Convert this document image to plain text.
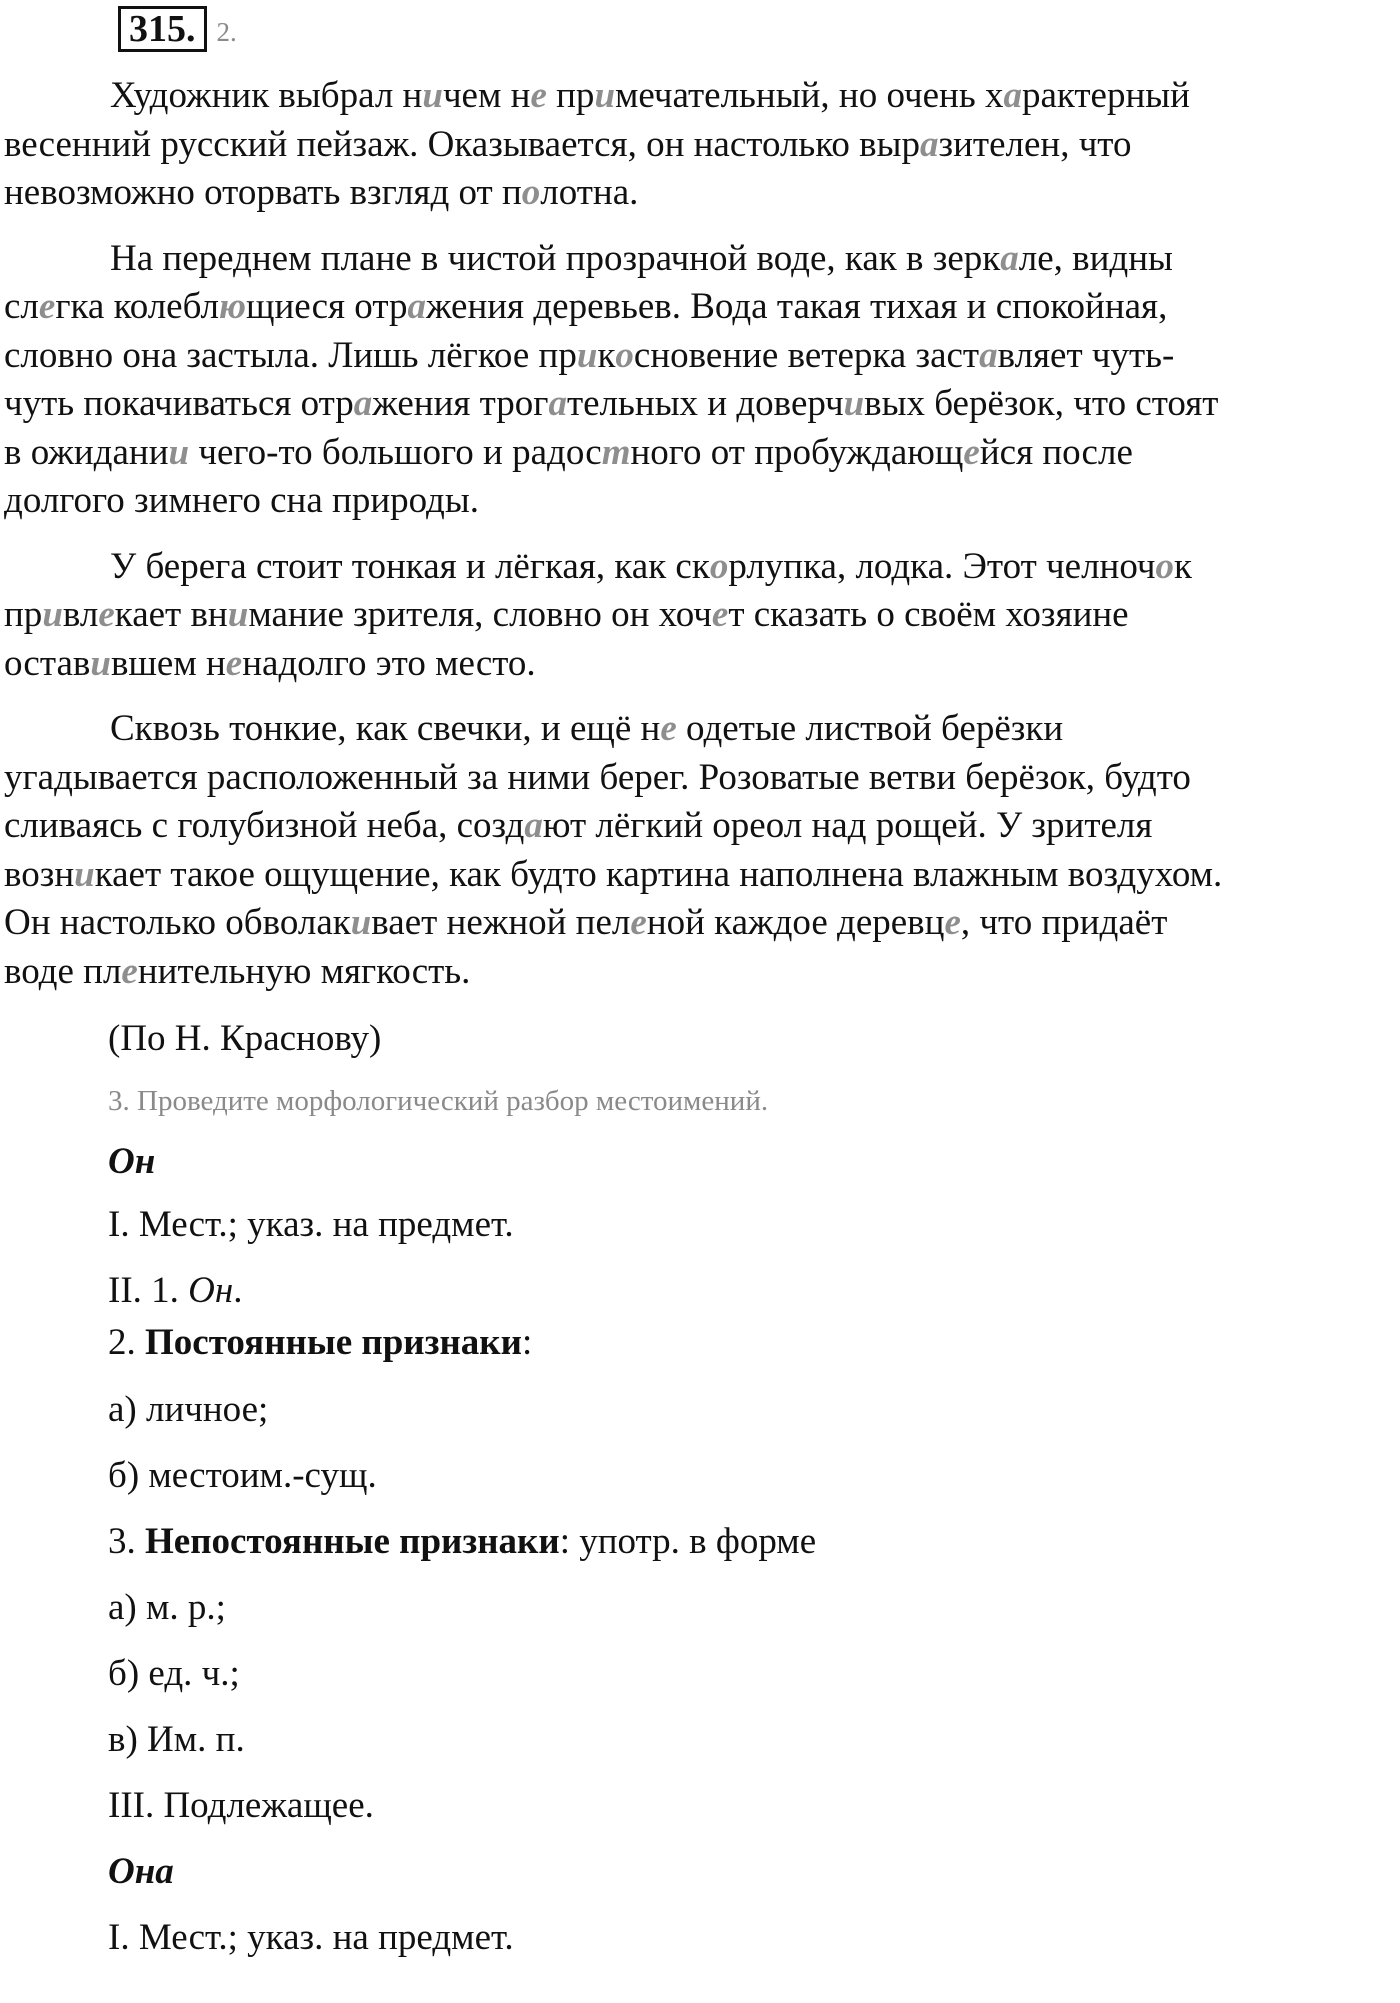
315. 2.

Художник выбрал ничем не примечательный, но очень характерный
весенний русский пейзаж. Оказывается, он настолько выразителен, что
невозможно оторвать взгляд от полотна.

На переднем плане в чистой прозрачной воде, как в зеркале, видны
слегка колеблющиеся отражения деревьев. Вода такая тихая и спокойная,
словно она застыла. Лишь лёгкое прикосновение ветерка заставляет чуть-
чуть покачиваться отражения трогательных и доверчивых берёзок, что стоят
в ожидании чего-то большого и радостного от пробуждающейся после
долгого зимнего сна природы.

У берега стоит тонкая и лёгкая, как скорлупка, лодка. Этот челночок
привлекает внимание зрителя, словно он хочет сказать о своём хозяине
оставившем ненадолго это место.

Сквозь тонкие, как свечки, и ещё не одетые листвой берёзки
угадывается расположенный за ними берег. Розоватые ветви берёзок, будто
сливаясь с голубизной неба, создают лёгкий ореол над рощей. У зрителя
возникает такое ощущение, как будто картина наполнена влажным воздухом.
Он настолько обволакивает нежной пеленой каждое деревце, что придаёт
воде пленительную мягкость.

(По Н. Краснову)
3. Проведите морфологический разбор местоимений.
Он
I. Мест.; указ. на предмет.
II. 1. Он.
2. Постоянные признаки:
а) личное;
б) местоим.-сущ.
3. Непостоянные признаки: употр. в форме
а) м. р.;
б) ед. ч.;
в) Им. п.
III. Подлежащее.
Она
I. Мест.; указ. на предмет.
